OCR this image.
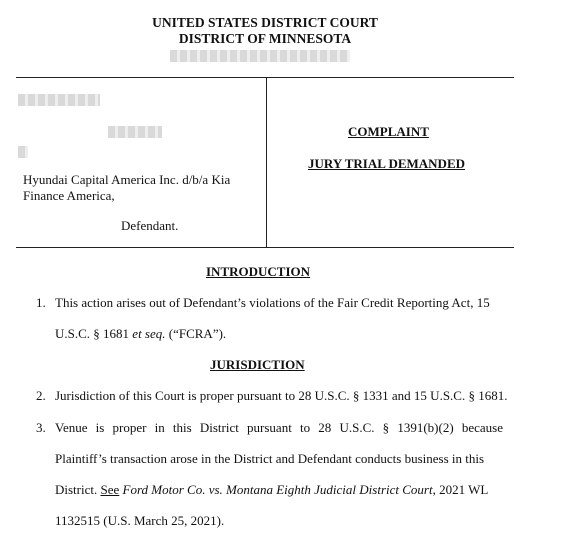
UNITED STATES DISTRICT COURT
DISTRICT OF MINNESOTA
Hyundai Capital America Inc. d/b/a Kia
Finance America,
Defendant.
COMPLAINT
JURY TRIAL DEMANDED
INTRODUCTION
1. This action arises out of Defendant’s violations of the Fair Credit Reporting Act, 15
U.S.C. § 1681 et seq. (“FCRA”).
JURISDICTION
2. Jurisdiction of this Court is proper pursuant to 28 U.S.C. § 1331 and 15 U.S.C. § 1681.
3. Venue is proper in this District pursuant to 28 U.S.C. § 1391(b)(2) because
Plaintiff’s transaction arose in the District and Defendant conducts business in this
District. See Ford Motor Co. vs. Montana Eighth Judicial District Court, 2021 WL
1132515 (U.S. March 25, 2021).
